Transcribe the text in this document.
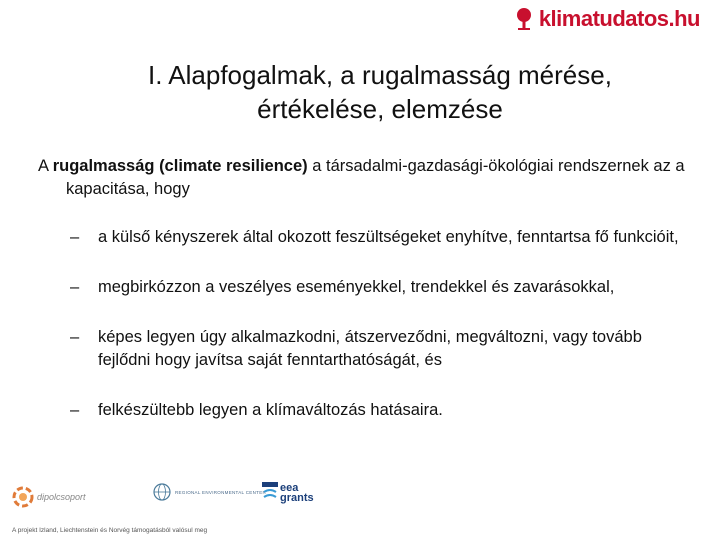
klimatudatos.hu
I. Alapfogalmak, a rugalmasság mérése,
értékelése, elemzése

A rugalmasság (climate resilience) a társadalmi-gazdasági-ökológiai rendszernek az a kapacitása, hogy

– a külső kényszerek által okozott feszültségeket enyhítve, fenntartsa fő funkcióit,
– megbirkózzon a veszélyes eseményekkel, trendekkel és zavarásokkal,
– képes legyen úgy alkalmazkodni, átszerveződni, megváltozni, vagy tovább fejlődni hogy javítsa saját fenntarthatóságát, és
– felkészültebb legyen a klímaváltozás hatásaira.
dipolcsoport	REGIONAL ENVIRONMENTAL CENTER eea
grants
A projekt Izland, Liechtenstein és Norvég támogatásból valósul meg
